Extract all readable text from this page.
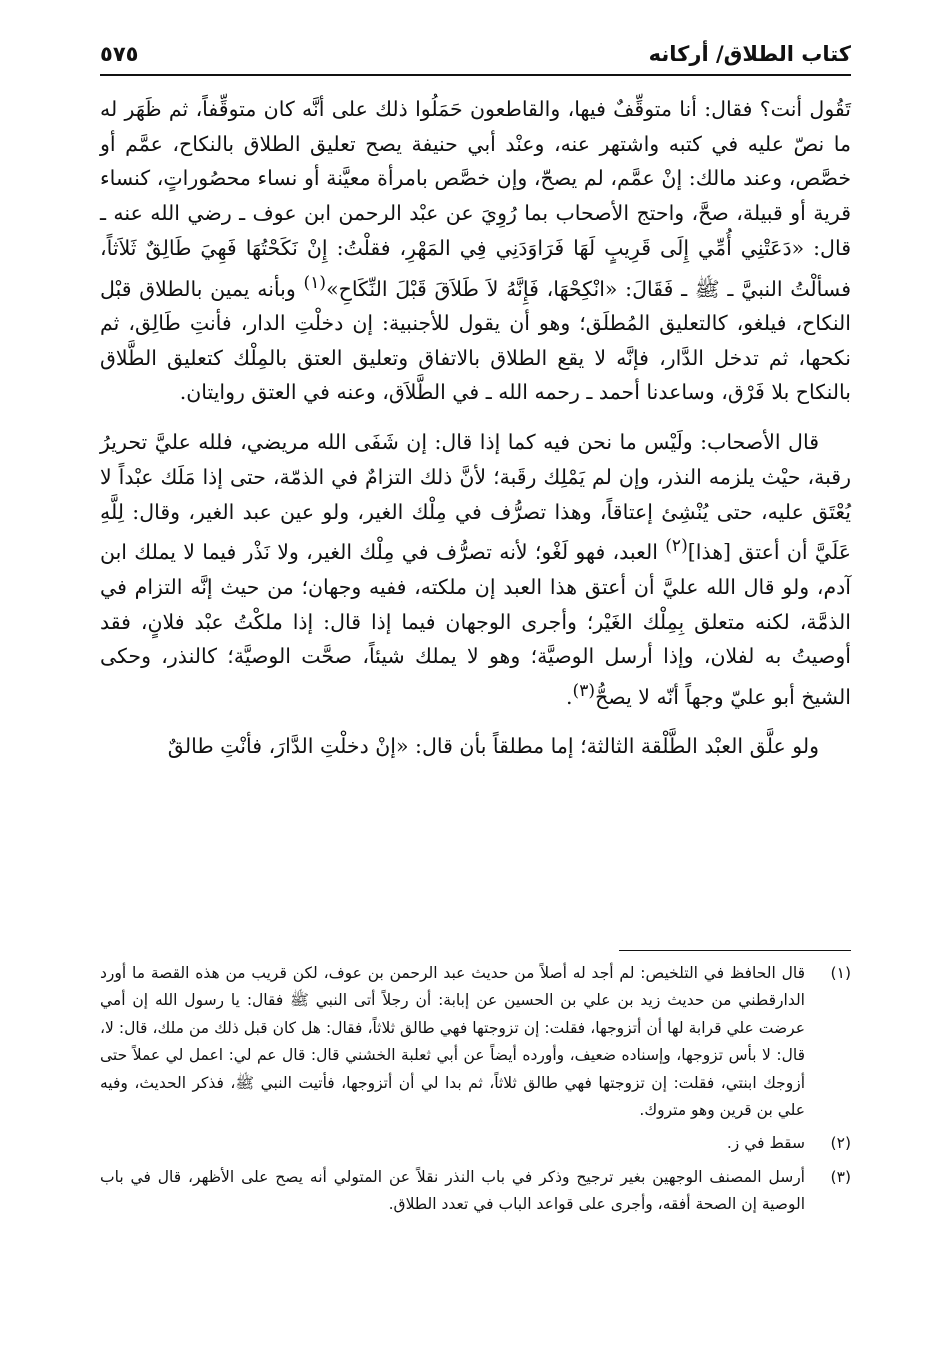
كتاب الطلاق/ أركانه
٥٧٥

تَقُول أنت؟ فقال: أنا متوقِّفٌ فيها، والقاطعون حَمَلُوا ذلك على أنَّه كان متوقِّفاً، ثم ظَهَر له ما نصّ عليه في كتبه واشتهر عنه، وعنْد أبي حنيفة يصح تعليق الطلاق بالنكاح، عمَّم أو خصَّص، وعند مالك: إنْ عمَّم، لم يصحّ، وإن خصَّص بامرأة معيَّنة أو نساء محصُوراتٍ، كنساء قرية أو قبيلة، صحَّ، واحتج الأصحاب بما رُوِيَ عن عبْد الرحمن ابن عوف ـ رضي الله عنه ـ قال: «دَعَتْنِي أُمِّي إِلَى قَرِيبٍ لَهَا فَرَاوَدَنِي فِي المَهْرِ، فقلْتُ: إِنْ نَكَحْتُهَا فَهِيَ طَالِقٌ ثَلاَثاً، فسألْتُ النبيَّ ـ ﷺ ـ فَقَالَ: «انْكِحْهَا، فَإِنَّهُ لاَ طَلاَقَ قَبْلَ النِّكَاحِ»$^{(١)}$ وبأنه يمين بالطلاق قبْل النكاح، فيلغو، كالتعليق المُطلَق؛ وهو أن يقول للأجنبية: إن دخلْتِ الدار، فأنتِ طَالِق، ثم نكحها، ثم تدخل الدَّار، فإنَّه لا يقع الطلاق بالاتفاق وتعليق العتق بالمِلْك كتعليق الطَّلاق بالنكاح بلا فَرْق، وساعدنا أحمد ـ رحمه الله ـ في الطَّلاَق، وعنه في العتق روايتان.

قال الأصحاب: ولَيْس ما نحن فيه كما إذا قال: إن شَفَى الله مريضي، فلله عليَّ تحريرُ رقبة، حيْث يلزمه النذر، وإن لم يَمْلِك رقَبة؛ لأنَّ ذلك التزامٌ في الذمّة، حتى إذا مَلَك عبْداً لا يُعْتَق عليه، حتى يُنْشِئ إعتاقاً، وهذا تصرُّف في مِلْك الغير، ولو عين عبد الغير، وقال: لِلَّهِ عَلَيَّ أن أعتق [هذا]$^{(٢)}$ العبد، فهو لَغْو؛ لأنه تصرُّف في مِلْك الغير، ولا نَذْر فيما لا يملك ابن آدم، ولو قال الله عليَّ أن أعتق هذا العبد إن ملكته، ففيه وجهان؛ من حيث إنَّه التزام في الذمَّة، لكنه متعلق بِمِلْك الغَيْر؛ وأجرى الوجهان فيما إذا قال: إذا ملكْتُ عبْد فلانٍ، فقد أوصيتُ به لفلان، وإذا أرسل الوصيَّة؛ وهو لا يملك شيئاً، صحَّت الوصيَّة؛ كالنذر، وحكى الشيخ أبو عليّ وجهاً أنّه لا يصحُّ$^{(٣)}$.

ولو علَّق العبْد الطَّلْقة الثالثة؛ إما مطلقاً بأن قال: «إنْ دخلْتِ الدَّارَ، فأنْتِ طالقٌ

(١)
قال الحافظ في التلخيص: لم أجد له أصلاً من حديث عبد الرحمن بن عوف، لكن قريب من هذه القصة ما أورد الدارقطني من حديث زيد بن علي بن الحسين عن إبابة: أن رجلاً أتى النبي ﷺ فقال: يا رسول الله إن أمي عرضت علي قرابة لها أن أتزوجها، فقلت: إن تزوجتها فهي طالق ثلاثاً، فقال: هل كان قبل ذلك من ملك، قال: لا، قال: لا بأس تزوجها، وإسناده ضعيف، وأورده أيضاً عن أبي ثعلبة الخشني قال: قال عم لي: اعمل لي عملاً حتى أزوجك ابنتي، فقلت: إن تزوجتها فهي طالق ثلاثاً، ثم بدا لي أن أتزوجها، فأتيت النبي ﷺ، فذكر الحديث، وفيه علي بن قرين وهو متروك.
(٢)
سقط في ز.
(٣)
أرسل المصنف الوجهين بغير ترجيح وذكر في باب النذر نقلاً عن المتولي أنه يصح على الأظهر، قال في باب الوصية إن الصحة أفقه، وأجرى على قواعد الباب في تعدد الطلاق.
